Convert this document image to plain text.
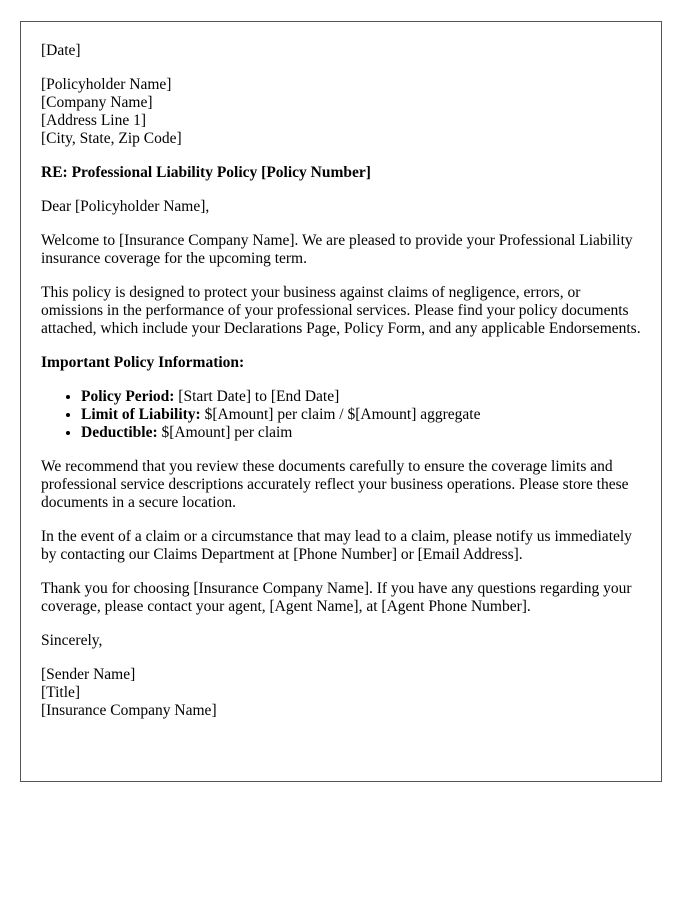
[Date]

[Policyholder Name]
[Company Name]
[Address Line 1]
[City, State, Zip Code]

RE: Professional Liability Policy [Policy Number]

Dear [Policyholder Name],

Welcome to [Insurance Company Name]. We are pleased to provide your Professional Liability insurance coverage for the upcoming term.

This policy is designed to protect your business against claims of negligence, errors, or omissions in the performance of your professional services. Please find your policy documents attached, which include your Declarations Page, Policy Form, and any applicable Endorsements.

Important Policy Information:

• Policy Period: [Start Date] to [End Date]
• Limit of Liability: $[Amount] per claim / $[Amount] aggregate
• Deductible: $[Amount] per claim

We recommend that you review these documents carefully to ensure the coverage limits and professional service descriptions accurately reflect your business operations. Please store these documents in a secure location.

In the event of a claim or a circumstance that may lead to a claim, please notify us immediately by contacting our Claims Department at [Phone Number] or [Email Address].

Thank you for choosing [Insurance Company Name]. If you have any questions regarding your coverage, please contact your agent, [Agent Name], at [Agent Phone Number].

Sincerely,

[Sender Name]
[Title]
[Insurance Company Name]
